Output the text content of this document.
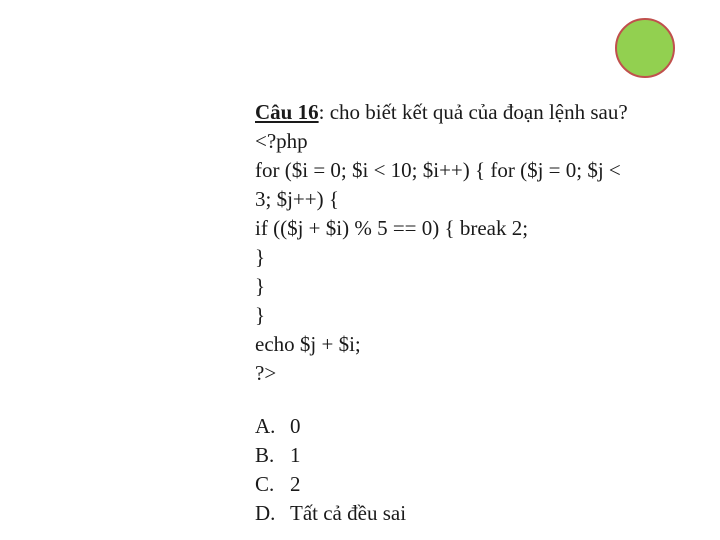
Câu 16: cho biết kết quả của đoạn lệnh sau?
<?php
for ($i = 0; $i < 10; $i++) { for ($j = 0; $j <
3; $j++) {
if (($j + $i) % 5 == 0) { break 2;
}
}
}
echo $j + $i;
?>
A. 0
B. 1
C. 2
D. Tất cả đều sai
